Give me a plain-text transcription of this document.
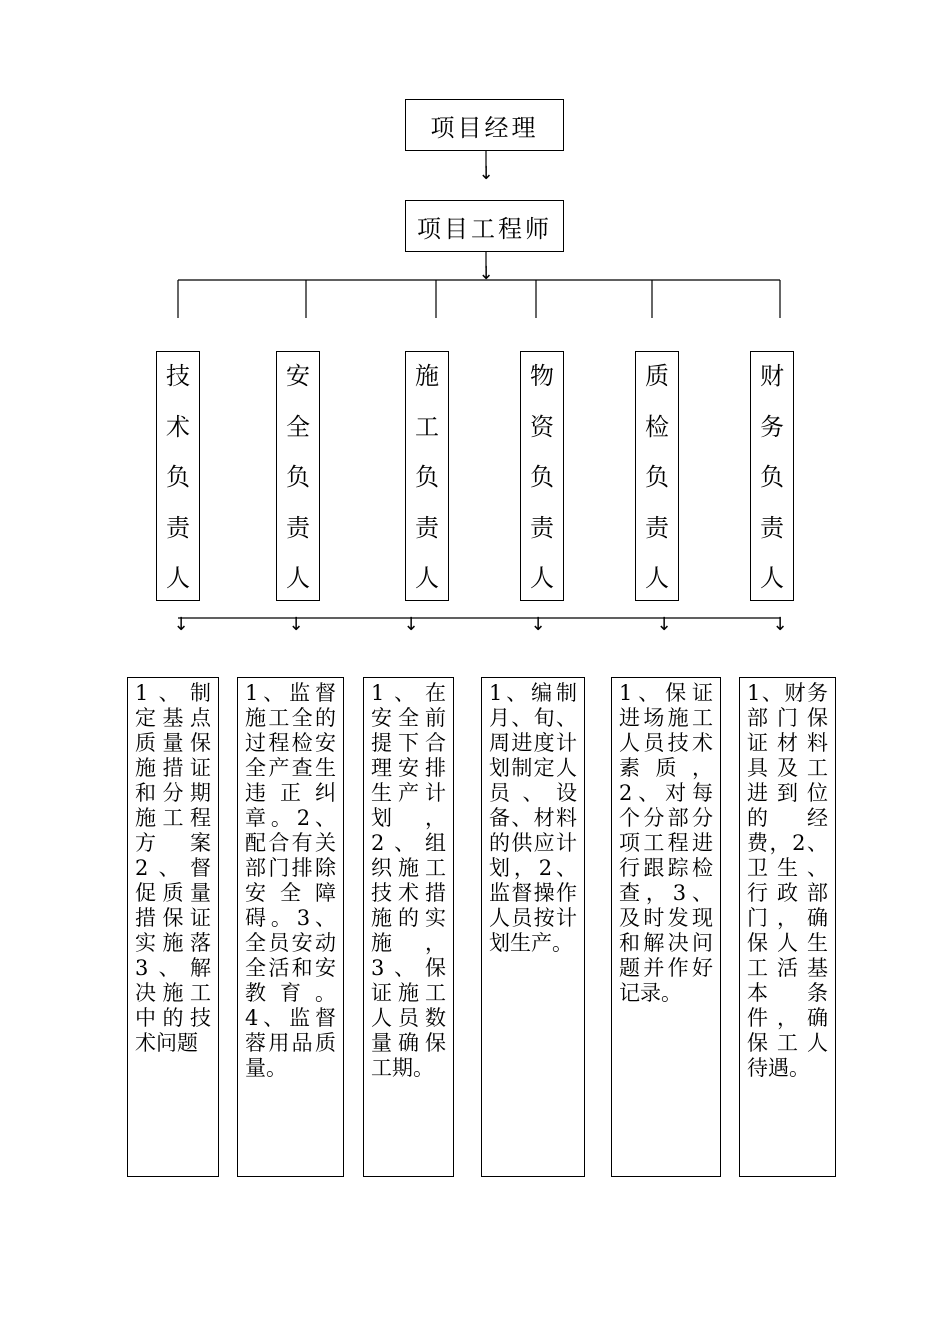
项目经理
↓
项目工程师
↓
技
术
负
责
人
↓
1、制定基点质量保施措证和分期施工程方案2、督促质量措保证实施落3、解决施工中的技术问题
安
全
负
责
人
↓
1、监督施工全的过程检安全产查生违正纠章。2、配合有关部门排除安全障碍。3、全员安动全活和安教育。4、监督蓉用品质量。
施
工
负
责
人
↓
1、在安全前提下合理安排生产计划，2、组织施工技术措施的实施，3、保证施工人员数量确保工期。
物
资
负
责
人
↓
1、编制月、旬、周进度计划制定人员、设备、材料的供应计划，2、监督操作人员按计划生产。
质
检
负
责
人
↓
1、保证进场施工人员技术素质，2、对每个分部分项工程进行跟踪检查，3、及时发现和解决问题并作好记录。
财
务
负
责
人
↓
1、财务部门保证材料具及工进到位的经费，2、卫生、行政部门，确保人生工活基本条件，确保工人待遇。
